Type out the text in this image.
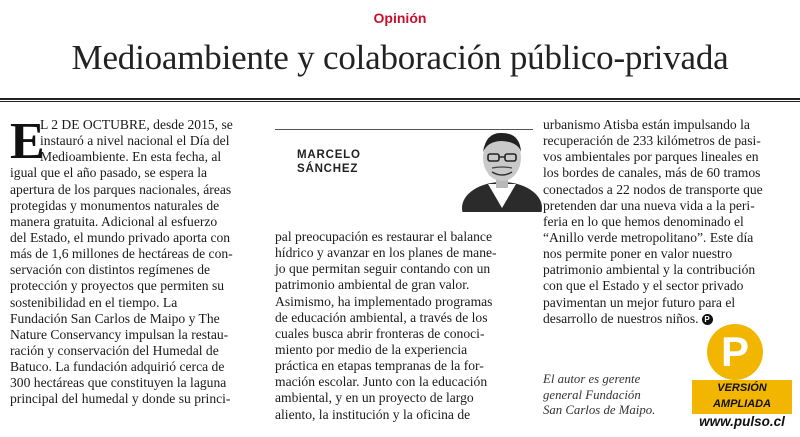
Opinión
Medioambiente y colaboración público-privada
E
L 2 DE OCTUBRE, desde 2015, se
instauró a nivel nacional el Día del
Medioambiente. En esta fecha, al
igual que el año pasado, se espera la
apertura de los parques nacionales, áreas
protegidas y monumentos naturales de
manera gratuita. Adicional al esfuerzo
del Estado, el mundo privado aporta con
más de 1,6 millones de hectáreas de con-
servación con distintos regímenes de
protección y proyectos que permiten su
sostenibilidad en el tiempo. La
Fundación San Carlos de Maipo y The
Nature Conservancy impulsan la restau-
ración y conservación del Humedal de
Batuco. La fundación adquirió cerca de
300 hectáreas que constituyen la laguna
principal del humedal y donde su princi-
MARCELO
SÁNCHEZ
pal preocupación es restaurar el balance
hídrico y avanzar en los planes de mane-
jo que permitan seguir contando con un
patrimonio ambiental de gran valor.
Asimismo, ha implementado programas
de educación ambiental, a través de los
cuales busca abrir fronteras de conoci-
miento por medio de la experiencia
práctica en etapas tempranas de la for-
mación escolar. Junto con la educación
ambiental, y en un proyecto de largo
aliento, la institución y la oficina de
urbanismo Atisba están impulsando la
recuperación de 233 kilómetros de pasi-
vos ambientales por parques lineales en
los bordes de canales, más de 60 tramos
conectados a 22 nodos de transporte que
pretenden dar una nueva vida a la peri-
feria en lo que hemos denominado el
“Anillo verde metropolitano”. Este día
nos permite poner en valor nuestro
patrimonio ambiental y la contribución
con que el Estado y el sector privado
pavimentan un mejor futuro para el
desarrollo de nuestros niños. P
El autor es gerente
general Fundación
San Carlos de Maipo.
P
VERSIÓN
AMPLIADA
www.pulso.cl
